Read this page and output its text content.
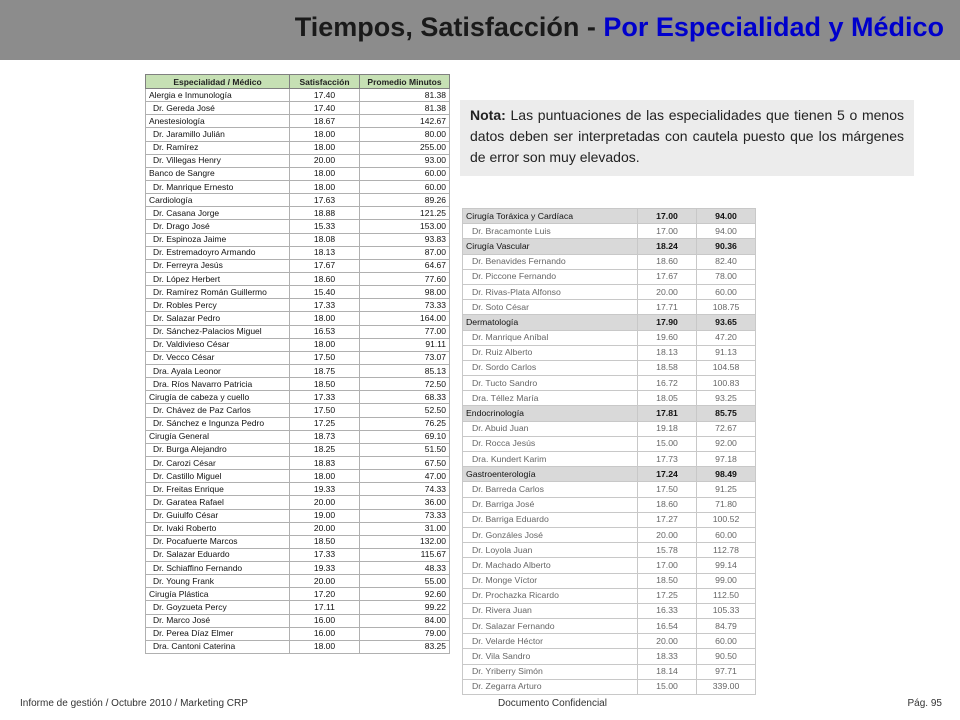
Tiempos, Satisfacción - Por Especialidad y Médico
Especialidad / Médico	Satisfacción	Promedio Minutos
Alergia e Inmunología	17.40	81.38
Dr. Gereda José	17.40	81.38
Anestesiología	18.67	142.67
Dr. Jaramillo Julián	18.00	80.00
Dr. Ramírez	18.00	255.00
Dr. Villegas Henry	20.00	93.00
Banco de Sangre	18.00	60.00
Dr. Manrique Ernesto	18.00	60.00
Cardiología	17.63	89.26
Dr. Casana Jorge	18.88	121.25
Dr. Drago José	15.33	153.00
Dr. Espinoza Jaime	18.08	93.83
Dr. Estremadoyro Armando	18.13	87.00
Dr. Ferreyra Jesús	17.67	64.67
Dr. López Herbert	18.60	77.60
Dr. Ramírez Román Guillermo	15.40	98.00
Dr. Robles Percy	17.33	73.33
Dr. Salazar Pedro	18.00	164.00
Dr. Sánchez-Palacios Miguel	16.53	77.00
Dr. Valdivieso César	18.00	91.11
Dr. Vecco César	17.50	73.07
Dra. Ayala Leonor	18.75	85.13
Dra. Ríos Navarro Patricia	18.50	72.50
Cirugía de cabeza y cuello	17.33	68.33
Dr. Chávez de Paz Carlos	17.50	52.50
Dr. Sánchez e Ingunza Pedro	17.25	76.25
Cirugía General	18.73	69.10
Dr. Burga Alejandro	18.25	51.50
Dr. Carozi César	18.83	67.50
Dr. Castillo Miguel	18.00	47.00
Dr. Freitas Enrique	19.33	74.33
Dr. Garatea Rafael	20.00	36.00
Dr. Guiulfo César	19.00	73.33
Dr. Ivaki Roberto	20.00	31.00
Dr. Pocafuerte Marcos	18.50	132.00
Dr. Salazar Eduardo	17.33	115.67
Dr. Schiaffino Fernando	19.33	48.33
Dr. Young Frank	20.00	55.00
Cirugía Plástica	17.20	92.60
Dr. Goyzueta Percy	17.11	99.22
Dr. Marco José	16.00	84.00
Dr. Perea Díaz Elmer	16.00	79.00
Dra. Cantoni Caterina	18.00	83.25
Nota: Las puntuaciones de las especialidades que tienen 5 o menos datos deben ser interpretadas con cautela puesto que los márgenes de error son muy elevados.
Cirugía Toráxica y Cardíaca	17.00	94.00
Dr. Bracamonte Luis	17.00	94.00
Cirugía Vascular	18.24	90.36
Dr. Benavides Fernando	18.60	82.40
Dr. Piccone Fernando	17.67	78.00
Dr. Rivas-Plata Alfonso	20.00	60.00
Dr. Soto César	17.71	108.75
Dermatología	17.90	93.65
Dr. Manrique Aníbal	19.60	47.20
Dr. Ruiz Alberto	18.13	91.13
Dr. Sordo Carlos	18.58	104.58
Dr. Tucto Sandro	16.72	100.83
Dra. Téllez María	18.05	93.25
Endocrinología	17.81	85.75
Dr. Abuid Juan	19.18	72.67
Dr. Rocca Jesús	15.00	92.00
Dra. Kundert Karim	17.73	97.18
Gastroenterología	17.24	98.49
Dr. Barreda Carlos	17.50	91.25
Dr. Barriga José	18.60	71.80
Dr. Barriga Eduardo	17.27	100.52
Dr. Gonzáles José	20.00	60.00
Dr. Loyola Juan	15.78	112.78
Dr. Machado Alberto	17.00	99.14
Dr. Monge Víctor	18.50	99.00
Dr. Prochazka Ricardo	17.25	112.50
Dr. Rivera Juan	16.33	105.33
Dr. Salazar Fernando	16.54	84.79
Dr. Velarde Héctor	20.00	60.00
Dr. Vila Sandro	18.33	90.50
Dr. Yriberry Simón	18.14	97.71
Dr. Zegarra Arturo	15.00	339.00
Informe de gestión / Octubre 2010 / Marketing CRP	Documento Confidencial	Pág. 95
